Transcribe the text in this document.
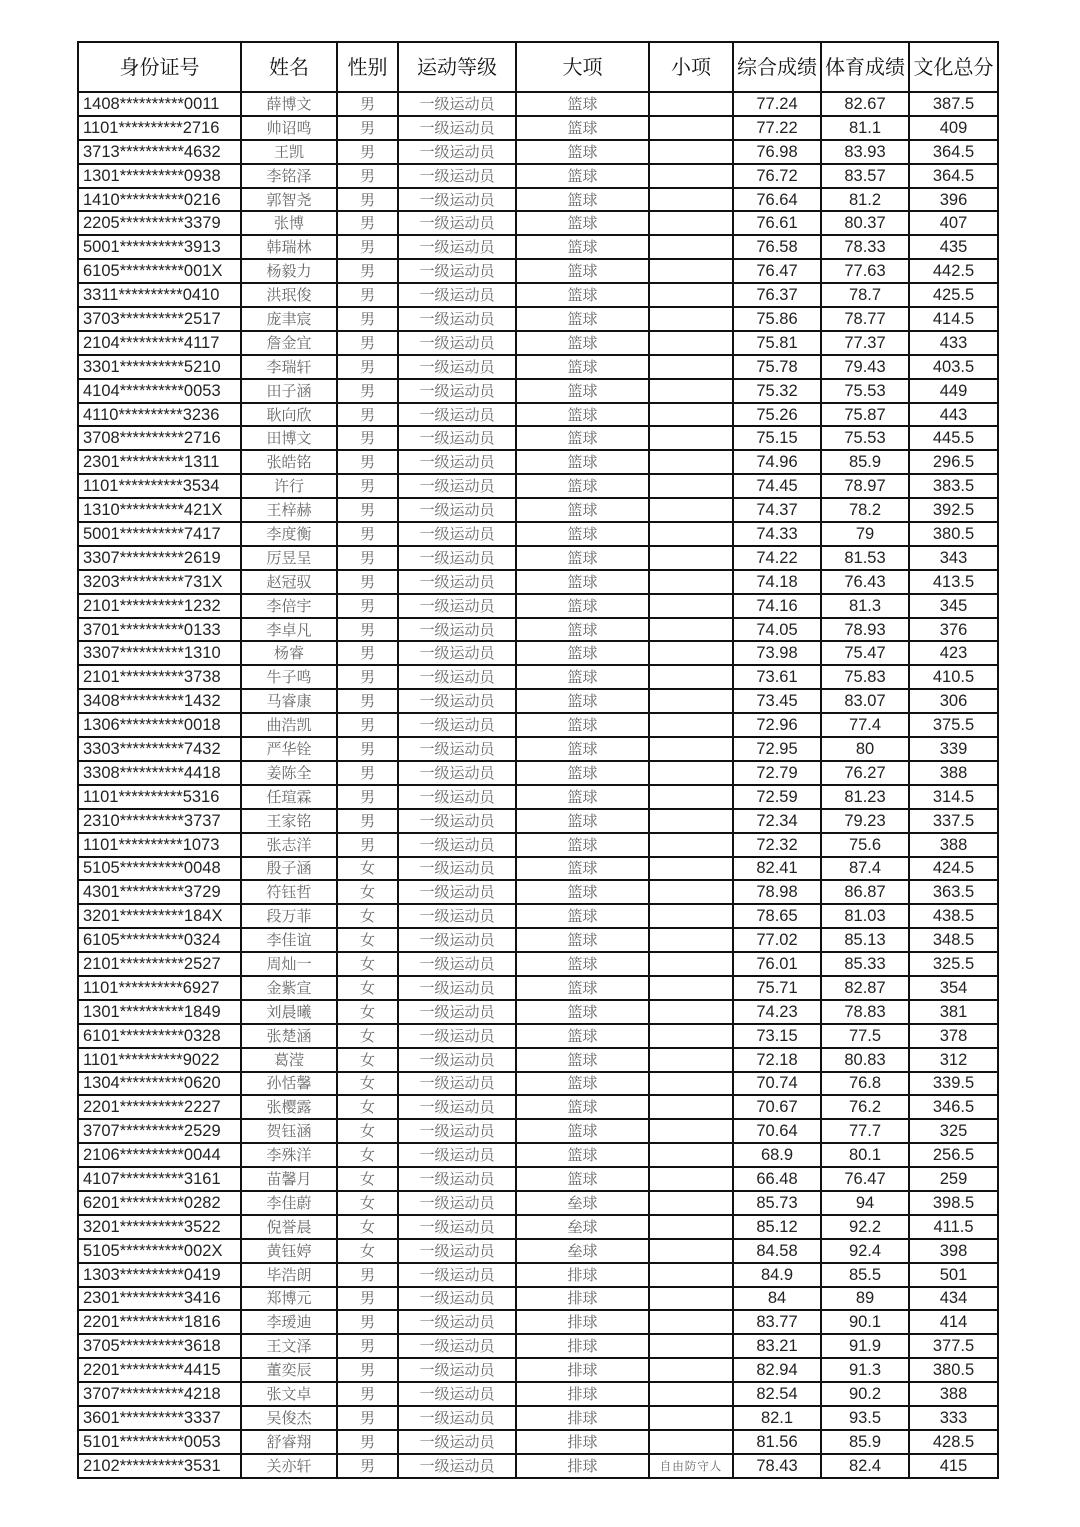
身份证号	姓名	性别	运动等级	大项	小项	综合成绩	体育成绩	文化总分
1408**********0011	薛博文	男	一级运动员	篮球		77.24	82.67	387.5
1101**********2716	帅诏鸣	男	一级运动员	篮球		77.22	81.1	409
3713**********4632	王凯	男	一级运动员	篮球		76.98	83.93	364.5
1301**********0938	李铭泽	男	一级运动员	篮球		76.72	83.57	364.5
1410**********0216	郭智尧	男	一级运动员	篮球		76.64	81.2	396
2205**********3379	张博	男	一级运动员	篮球		76.61	80.37	407
5001**********3913	韩瑞林	男	一级运动员	篮球		76.58	78.33	435
6105**********001X	杨毅力	男	一级运动员	篮球		76.47	77.63	442.5
3311**********0410	洪珉俊	男	一级运动员	篮球		76.37	78.7	425.5
3703**********2517	庞聿宸	男	一级运动员	篮球		75.86	78.77	414.5
2104**********4117	詹金宜	男	一级运动员	篮球		75.81	77.37	433
3301**********5210	李瑞轩	男	一级运动员	篮球		75.78	79.43	403.5
4104**********0053	田子涵	男	一级运动员	篮球		75.32	75.53	449
4110**********3236	耿向欣	男	一级运动员	篮球		75.26	75.87	443
3708**********2716	田博文	男	一级运动员	篮球		75.15	75.53	445.5
2301**********1311	张皓铭	男	一级运动员	篮球		74.96	85.9	296.5
1101**********3534	许行	男	一级运动员	篮球		74.45	78.97	383.5
1310**********421X	王梓赫	男	一级运动员	篮球		74.37	78.2	392.5
5001**********7417	李度衡	男	一级运动员	篮球		74.33	79	380.5
3307**********2619	厉昱呈	男	一级运动员	篮球		74.22	81.53	343
3203**********731X	赵冠驭	男	一级运动员	篮球		74.18	76.43	413.5
2101**********1232	李倍宇	男	一级运动员	篮球		74.16	81.3	345
3701**********0133	李卓凡	男	一级运动员	篮球		74.05	78.93	376
3307**********1310	杨睿	男	一级运动员	篮球		73.98	75.47	423
2101**********3738	牛子鸣	男	一级运动员	篮球		73.61	75.83	410.5
3408**********1432	马睿康	男	一级运动员	篮球		73.45	83.07	306
1306**********0018	曲浩凯	男	一级运动员	篮球		72.96	77.4	375.5
3303**********7432	严华铨	男	一级运动员	篮球		72.95	80	339
3308**********4418	姜陈全	男	一级运动员	篮球		72.79	76.27	388
1101**********5316	任瑄霖	男	一级运动员	篮球		72.59	81.23	314.5
2310**********3737	王家铭	男	一级运动员	篮球		72.34	79.23	337.5
1101**********1073	张志洋	男	一级运动员	篮球		72.32	75.6	388
5105**********0048	殷子涵	女	一级运动员	篮球		82.41	87.4	424.5
4301**********3729	符钰哲	女	一级运动员	篮球		78.98	86.87	363.5
3201**********184X	段万菲	女	一级运动员	篮球		78.65	81.03	438.5
6105**********0324	李佳谊	女	一级运动员	篮球		77.02	85.13	348.5
2101**********2527	周灿一	女	一级运动员	篮球		76.01	85.33	325.5
1101**********6927	金紫宣	女	一级运动员	篮球		75.71	82.87	354
1301**********1849	刘晨曦	女	一级运动员	篮球		74.23	78.83	381
6101**********0328	张楚涵	女	一级运动员	篮球		73.15	77.5	378
1101**********9022	葛滢	女	一级运动员	篮球		72.18	80.83	312
1304**********0620	孙恬馨	女	一级运动员	篮球		70.74	76.8	339.5
2201**********2227	张樱露	女	一级运动员	篮球		70.67	76.2	346.5
3707**********2529	贺钰涵	女	一级运动员	篮球		70.64	77.7	325
2106**********0044	李殊洋	女	一级运动员	篮球		68.9	80.1	256.5
4107**********3161	苗馨月	女	一级运动员	篮球		66.48	76.47	259
6201**********0282	李佳蔚	女	一级运动员	垒球		85.73	94	398.5
3201**********3522	倪誉晨	女	一级运动员	垒球		85.12	92.2	411.5
5105**********002X	黄钰婷	女	一级运动员	垒球		84.58	92.4	398
1303**********0419	毕浩朗	男	一级运动员	排球		84.9	85.5	501
2301**********3416	郑博元	男	一级运动员	排球		84	89	434
2201**********1816	李瑷迪	男	一级运动员	排球		83.77	90.1	414
3705**********3618	王文泽	男	一级运动员	排球		83.21	91.9	377.5
2201**********4415	董奕辰	男	一级运动员	排球		82.94	91.3	380.5
3707**********4218	张文卓	男	一级运动员	排球		82.54	90.2	388
3601**********3337	吴俊杰	男	一级运动员	排球		82.1	93.5	333
5101**********0053	舒睿翔	男	一级运动员	排球		81.56	85.9	428.5
2102**********3531	关亦轩	男	一级运动员	排球	自由防守人	78.43	82.4	415
